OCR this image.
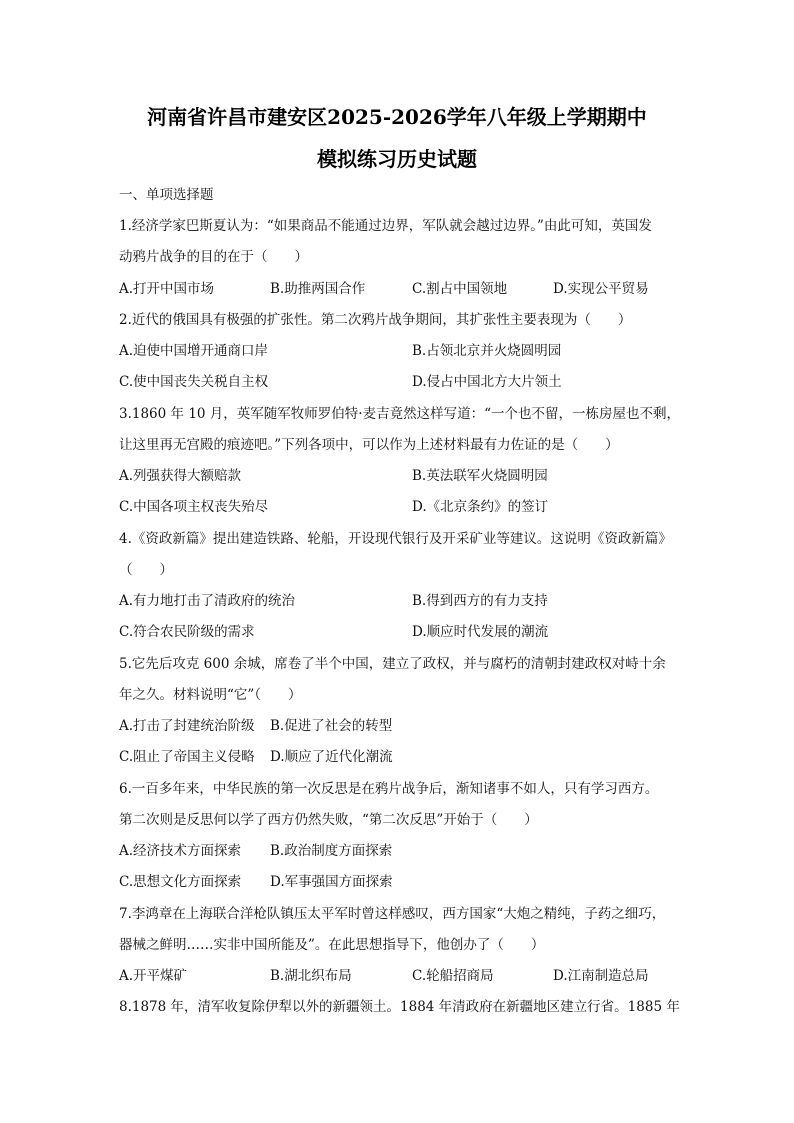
河南省许昌市建安区2025-2026学年八年级上学期期中
模拟练习历史试题
一、单项选择题
1.经济学家巴斯夏认为：“如果商品不能通过边界，军队就会越过边界。”由此可知，英国发
动鸦片战争的目的在于（　　）
A.打开中国市场	B.助推两国合作	C.割占中国领地	D.实现公平贸易
2.近代的俄国具有极强的扩张性。第二次鸦片战争期间，其扩张性主要表现为（　　）
A.迫使中国增开通商口岸	B.占领北京并火烧圆明园
C.使中国丧失关税自主权	D.侵占中国北方大片领土
3.1860 年 10 月，英军随军牧师罗伯特·麦吉竟然这样写道：“一个也不留，一栋房屋也不剩，
让这里再无宫殿的痕迹吧。”下列各项中，可以作为上述材料最有力佐证的是（　　）
A.列强获得大额赔款	B.英法联军火烧圆明园
C.中国各项主权丧失殆尽	D.《北京条约》的签订
4.《资政新篇》提出建造铁路、轮船，开设现代银行及开采矿业等建议。这说明《资政新篇》
（　　）
A.有力地打击了清政府的统治	B.得到西方的有力支持
C.符合农民阶级的需求	D.顺应时代发展的潮流
5.它先后攻克 600 余城，席卷了半个中国，建立了政权，并与腐朽的清朝封建政权对峙十余
年之久。材料说明“它”（　　）
A.打击了封建统治阶级 B.促进了社会的转型
C.阻止了帝国主义侵略 D.顺应了近代化潮流
6.一百多年来，中华民族的第一次反思是在鸦片战争后，渐知诸事不如人，只有学习西方。
第二次则是反思何以学了西方仍然失败，“第二次反思”开始于（　　）
A.经济技术方面探索 B.政治制度方面探索
C.思想文化方面探索 D.军事强国方面探索
7.李鸿章在上海联合洋枪队镇压太平军时曾这样感叹，西方国家“大炮之精纯，子药之细巧，
器械之鲜明……实非中国所能及”。在此思想指导下，他创办了（　　）
A.开平煤矿	B.湖北织布局	C.轮船招商局	D.江南制造总局
8.1878 年，清军收复除伊犁以外的新疆领土。1884 年清政府在新疆地区建立行省。1885 年
